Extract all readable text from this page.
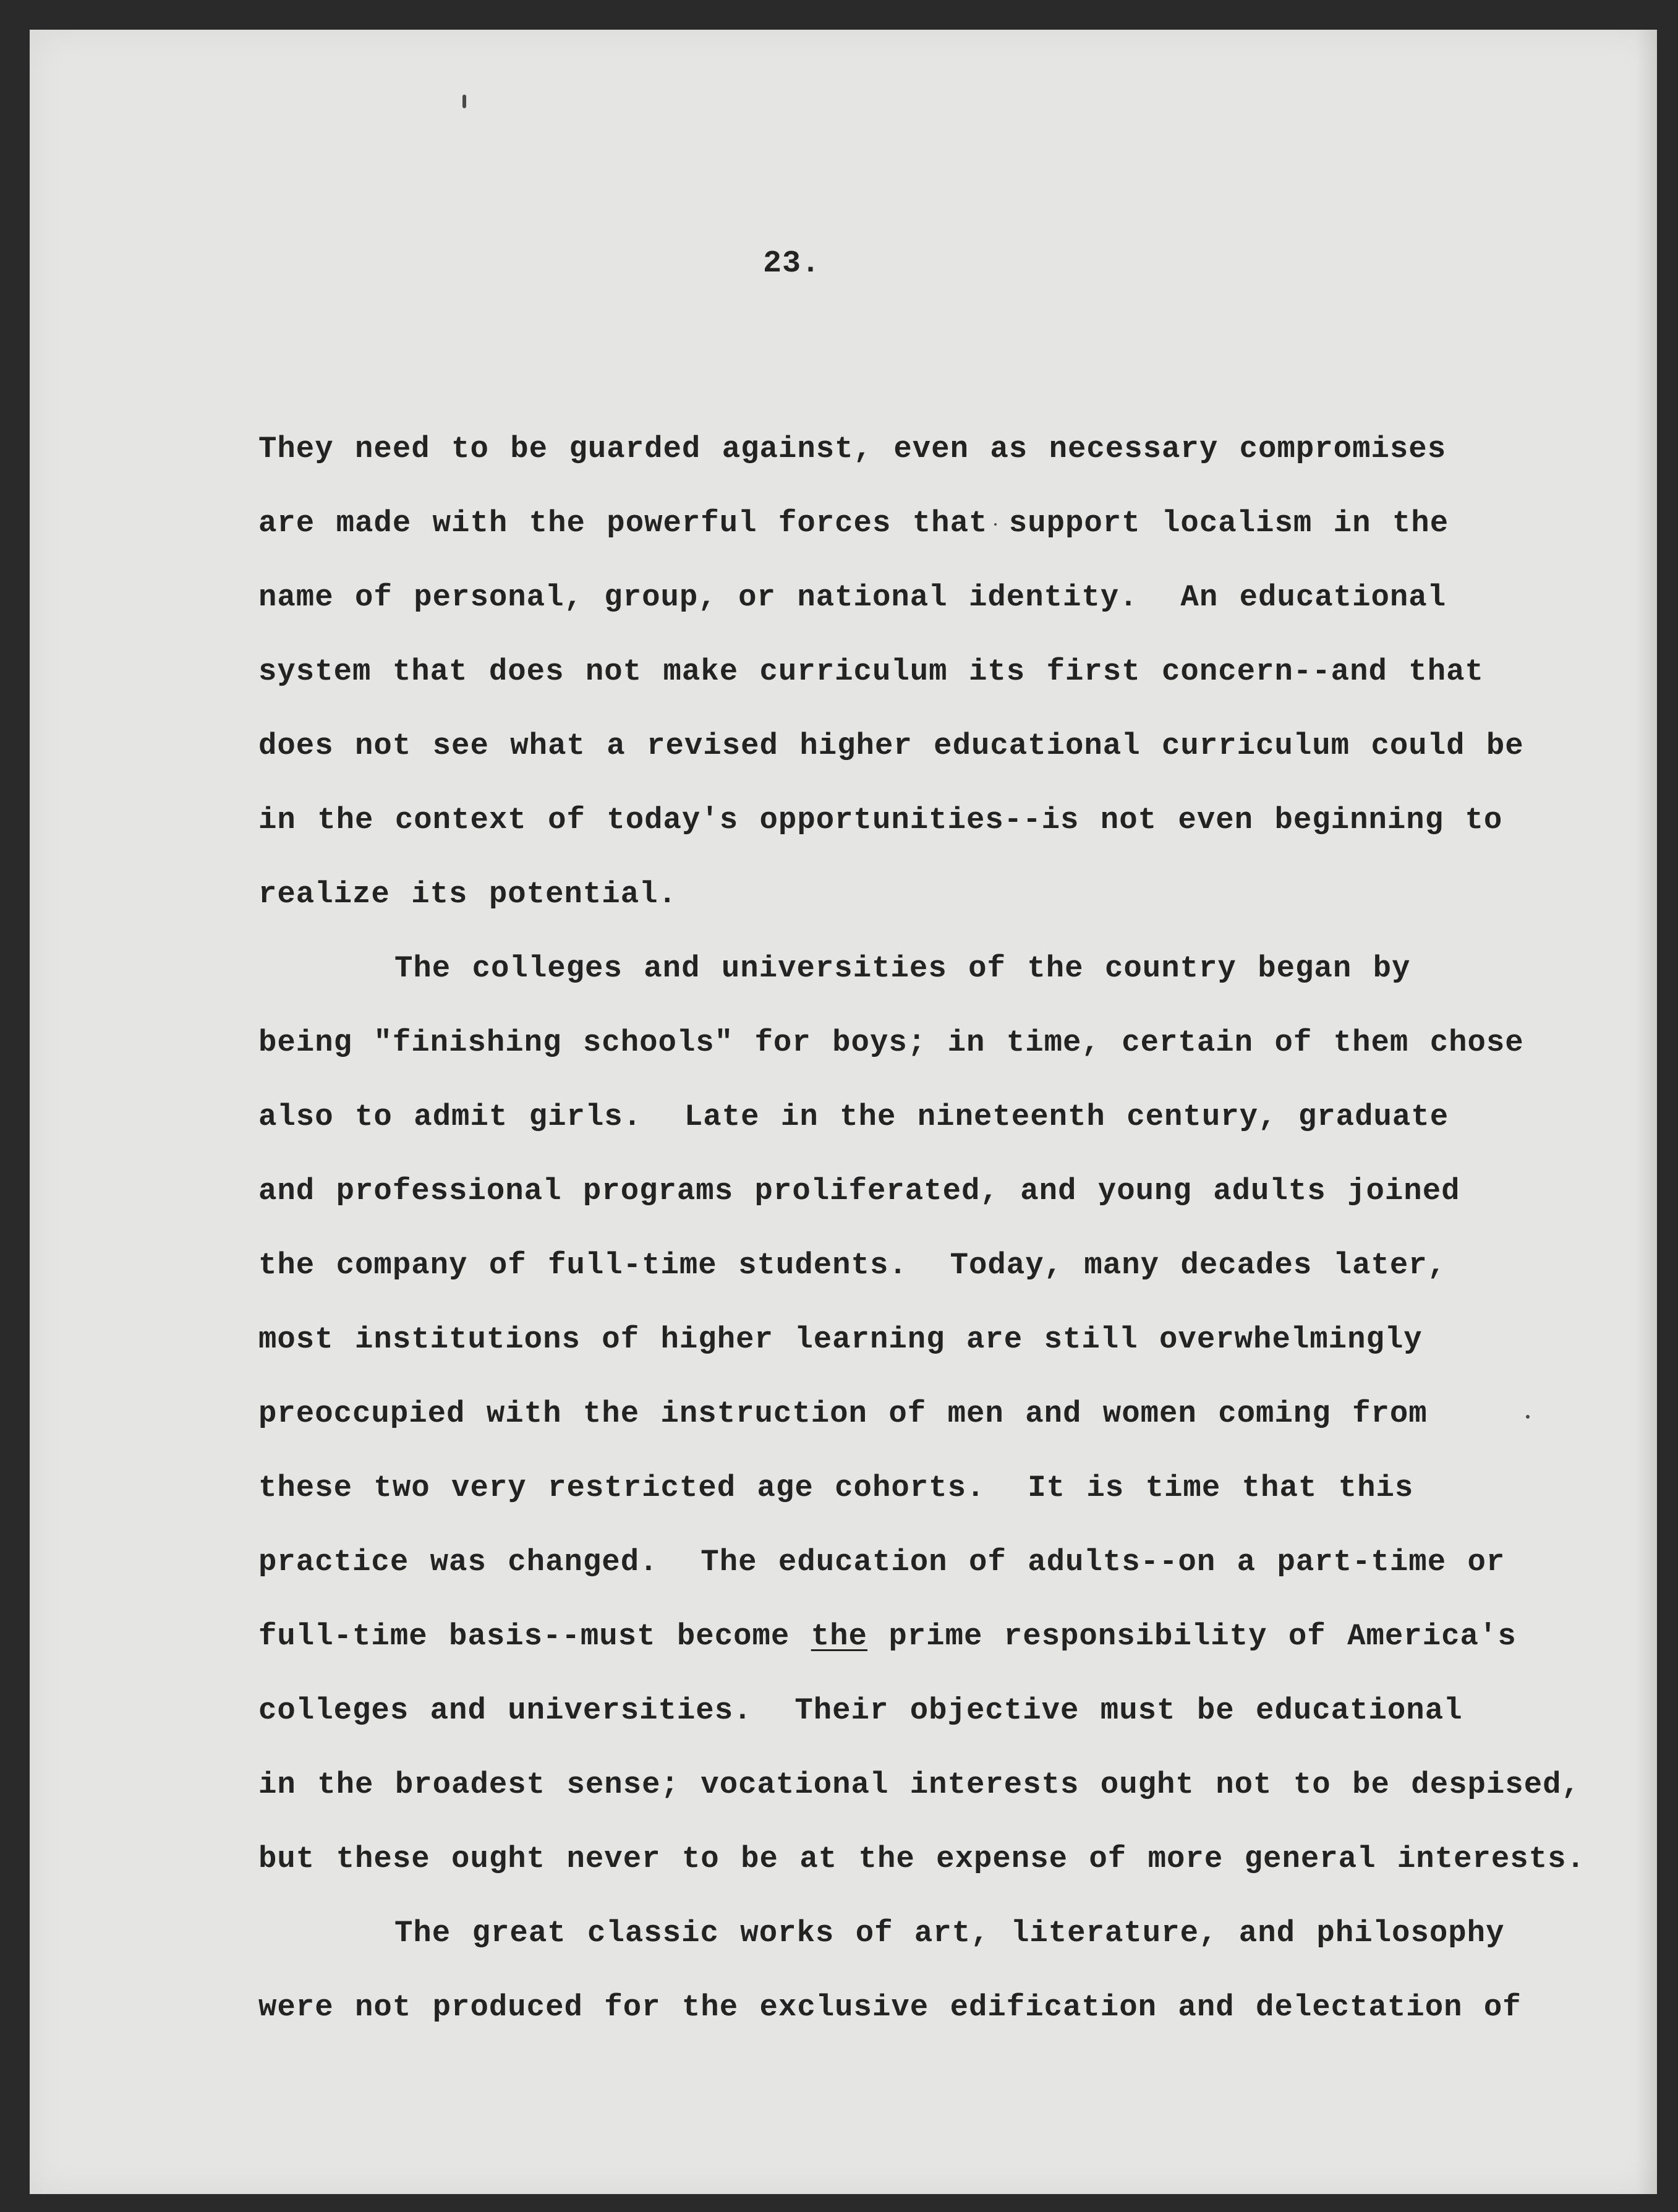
23.
They need to be guarded against, even as necessary compromises
are made with the powerful forces that support localism in the
name of personal, group, or national identity.  An educational
system that does not make curriculum its first concern--and that
does not see what a revised higher educational curriculum could be
in the context of today's opportunities--is not even beginning to
realize its potential.
The colleges and universities of the country began by
being "finishing schools" for boys; in time, certain of them chose
also to admit girls.  Late in the nineteenth century, graduate
and professional programs proliferated, and young adults joined
the company of full-time students.  Today, many decades later,
most institutions of higher learning are still overwhelmingly
preoccupied with the instruction of men and women coming from
these two very restricted age cohorts.  It is time that this
practice was changed.  The education of adults--on a part-time or
full-time basis--must become the prime responsibility of America's
colleges and universities.  Their objective must be educational
in the broadest sense; vocational interests ought not to be despised,
but these ought never to be at the expense of more general interests.
The great classic works of art, literature, and philosophy
were not produced for the exclusive edification and delectation of
